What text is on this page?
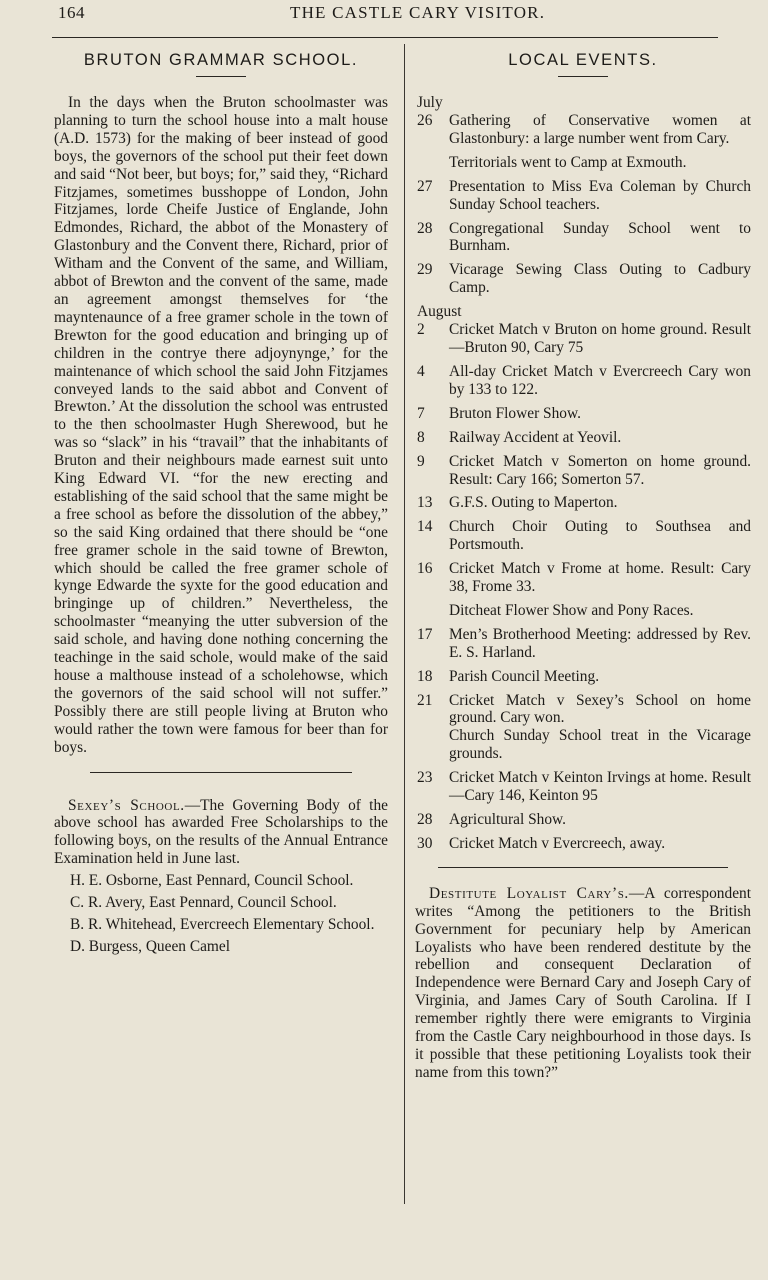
164	THE CASTLE CARY VISITOR.
BRUTON GRAMMAR SCHOOL.

In the days when the Bruton schoolmaster was planning to turn the school house into a malt house (A.D. 1573) for the making of beer instead of good boys, the governors of the school put their feet down and said “Not beer, but boys; for,” said they, “Richard Fitzjames, sometimes busshoppe of London, John Fitzjames, lorde Cheife Justice of Englande, John Edmondes, Richard, the abbot of the Monastery of Glastonbury and the Convent there, Richard, prior of Witham and the Convent of the same, and William, abbot of Brewton and the convent of the same, made an agreement amongst themselves for ‘the mayntenaunce of a free gramer schole in the town of Brewton for the good education and bringing up of children in the contrye there adjoynynge,’ for the maintenance of which school the said John Fitzjames conveyed lands to the said abbot and Convent of Brewton.’ At the dissolution the school was entrusted to the then schoolmaster Hugh Sherewood, but he was so “slack” in his “travail” that the inhabitants of Bruton and their neighbours made earnest suit unto King Edward VI. “for the new erecting and establishing of the said school that the same might be a free school as before the dissolution of the abbey,” so the said King ordained that there should be “one free gramer schole in the said towne of Brewton, which should be called the free gramer schole of kynge Edwarde the syxte for the good education and bringinge up of children.” Nevertheless, the schoolmaster “meanying the utter subversion of the said schole, and having done nothing concerning the teachinge in the said schole, would make of the said house a malthouse instead of a scholehowse, which the governors of the said school will not suffer.” Possibly there are still people living at Bruton who would rather the town were famous for beer than for boys.

Sexey’s School.—The Governing Body of the above school has awarded Free Scholarships to the following boys, on the results of the Annual Entrance Examination held in June last.

H. E. Osborne, East Pennard, Council School.
C. R. Avery, East Pennard, Council School.
B. R. Whitehead, Evercreech Elementary School.
D. Burgess, Queen Camel
LOCAL EVENTS.
July
26	Gathering of Conservative women at Glastonbury: a large number went from Cary.
Territorials went to Camp at Exmouth.
27	Presentation to Miss Eva Coleman by Church Sunday School teachers.
28	Congregational Sunday School went to Burnham.
29	Vicarage Sewing Class Outing to Cadbury Camp.
August
2	Cricket Match v Bruton on home ground. Result—Bruton 90, Cary 75
4	All-day Cricket Match v Evercreech Cary won by 133 to 122.
7	Bruton Flower Show.
8	Railway Accident at Yeovil.
9	Cricket Match v Somerton on home ground. Result: Cary 166; Somerton 57.
13	G.F.S. Outing to Maperton.
14	Church Choir Outing to Southsea and Portsmouth.
16	Cricket Match v Frome at home. Result: Cary 38, Frome 33.
Ditcheat Flower Show and Pony Races.
17	Men’s Brotherhood Meeting: addressed by Rev. E. S. Harland.
18	Parish Council Meeting.
21	Cricket Match v Sexey’s School on home ground. Cary won.
Church Sunday School treat in the Vicarage grounds.
23	Cricket Match v Keinton Irvings at home. Result—Cary 146, Keinton 95
28	Agricultural Show.
30	Cricket Match v Evercreech, away.

Destitute Loyalist Cary’s.—A correspondent writes “Among the petitioners to the British Government for pecuniary help by American Loyalists who have been rendered destitute by the rebellion and consequent Declaration of Independence were Bernard Cary and Joseph Cary of Virginia, and James Cary of South Carolina. If I remember rightly there were emigrants to Virginia from the Castle Cary neighbourhood in those days. Is it possible that these petitioning Loyalists took their name from this town?”
